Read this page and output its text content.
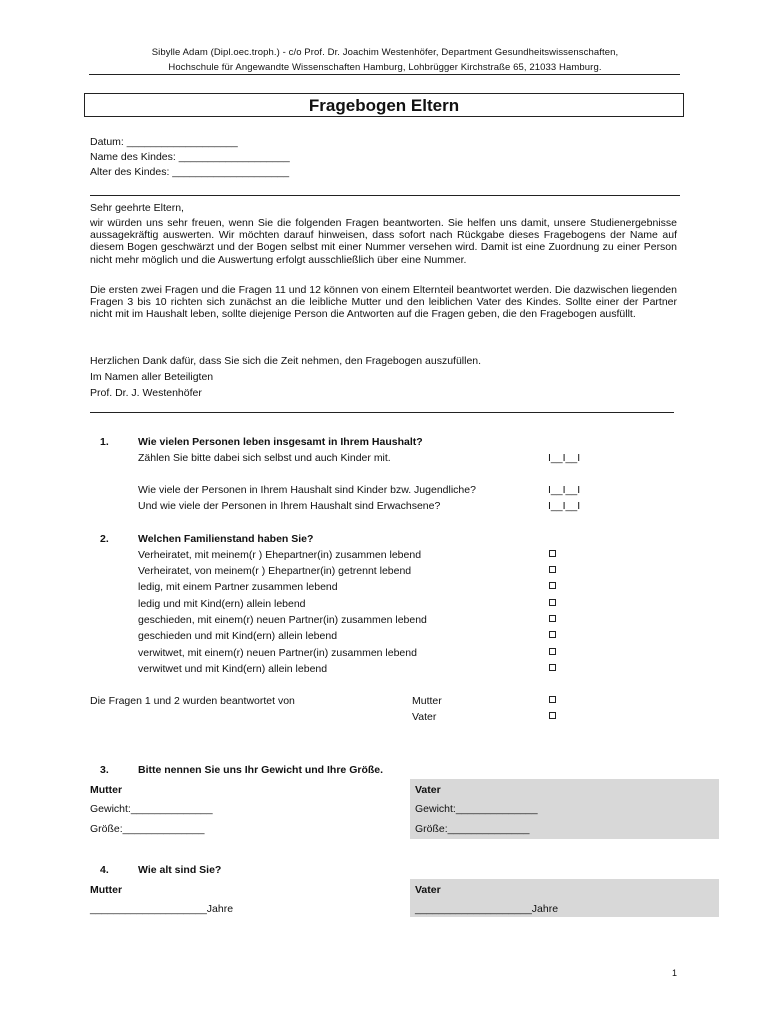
Sibylle Adam (Dipl.oec.troph.) - c/o Prof. Dr. Joachim Westenhöfer, Department Gesundheitswissenschaften,
Hochschule für Angewandte Wissenschaften Hamburg, Lohbrügger Kirchstraße 65, 21033 Hamburg.
Fragebogen Eltern
Datum: ___________________
Name des Kindes: ___________________
Alter des Kindes: ____________________
Sehr geehrte Eltern,
wir würden uns sehr freuen, wenn Sie die folgenden Fragen beantworten. Sie helfen uns damit, unsere Studienergebnisse aussagekräftig auswerten. Wir möchten darauf hinweisen, dass sofort nach Rückgabe dieses Fragebogens der Name auf diesem Bogen geschwärzt und der Bogen selbst mit einer Nummer versehen wird. Damit ist eine Zuordnung zu einer Person nicht mehr möglich und die Auswertung erfolgt ausschließlich über eine Nummer.
Die ersten zwei Fragen und die Fragen 11 und 12 können von einem Elternteil beantwortet werden. Die dazwischen liegenden Fragen 3 bis 10 richten sich zunächst an die leibliche Mutter und den leiblichen Vater des Kindes. Sollte einer der Partner nicht mit im Haushalt leben, sollte diejenige Person die Antworten auf die Fragen geben, die den Fragebogen ausfüllt.
Herzlichen Dank dafür, dass Sie sich die Zeit nehmen, den Fragebogen auszufüllen.
Im Namen aller Beteiligten
Prof. Dr. J. Westenhöfer
1.	Wie vielen Personen leben insgesamt in Ihrem Haushalt?
Zählen Sie bitte dabei sich selbst und auch Kinder mit.	I__I__I
Wie viele der Personen in Ihrem Haushalt sind Kinder bzw. Jugendliche?	I__I__I
Und wie viele der Personen in Ihrem Haushalt sind Erwachsene?	I__I__I
2.	Welchen Familienstand haben Sie?
Verheiratet, mit meinem(r ) Ehepartner(in) zusammen lebend
Verheiratet, von meinem(r ) Ehepartner(in) getrennt lebend
ledig, mit einem Partner zusammen lebend
ledig und mit Kind(ern) allein lebend
geschieden, mit einem(r) neuen Partner(in) zusammen lebend
geschieden und mit Kind(ern) allein lebend
verwitwet, mit einem(r) neuen Partner(in) zusammen lebend
verwitwet und mit Kind(ern) allein lebend
Die Fragen 1 und 2 wurden beantwortet von	Mutter
Vater
3.	Bitte nennen Sie uns Ihr Gewicht und Ihre Größe.
Mutter	Vater
Gewicht:______________	Gewicht:______________
Größe:______________	Größe:______________
4.	Wie alt sind Sie?
Mutter	Vater
____________________Jahre	____________________Jahre
1
